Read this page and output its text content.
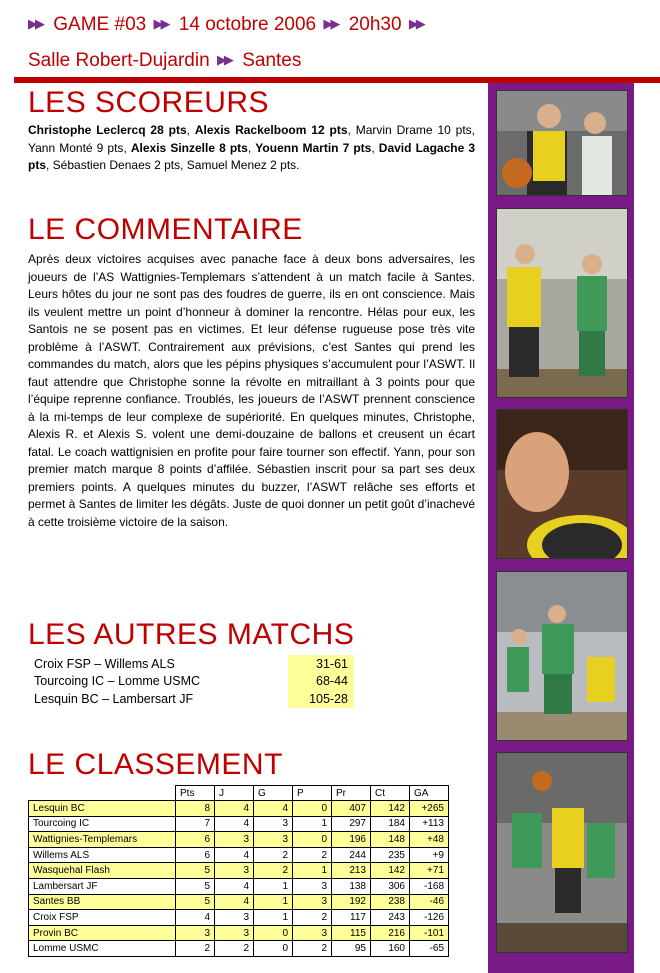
▶▶ GAME #03 ▶▶ 14 octobre 2006 ▶▶ 20h30 ▶▶
Salle Robert-Dujardin ▶▶ Santes
LES SCOREURS
Christophe Leclercq 28 pts, Alexis Rackelboom 12 pts, Marvin Drame 10 pts, Yann Monté 9 pts, Alexis Sinzelle 8 pts, Youenn Martin 7 pts, David Lagache 3 pts, Sébastien Denaes 2 pts, Samuel Menez 2 pts.
LE COMMENTAIRE
Après deux victoires acquises avec panache face à deux bons adversaires, les joueurs de l’AS Wattignies-Templemars s’attendent à un match facile à Santes. Leurs hôtes du jour ne sont pas des foudres de guerre, ils en ont conscience. Mais ils veulent mettre un point d’honneur à dominer la rencontre. Hélas pour eux, les Santois ne se posent pas en victimes. Et leur défense rugueuse pose très vite problème à l’ASWT. Contrairement aux prévisions, c’est Santes qui prend les commandes du match, alors que les pépins physiques s’accumulent pour l’ASWT. Il faut attendre que Christophe sonne la révolte en mitraillant à 3 points pour que l’équipe reprenne confiance. Troublés, les joueurs de l’ASWT prennent conscience à la mi-temps de leur complexe de supériorité. En quelques minutes, Christophe, Alexis R. et Alexis S. volent une demi-douzaine de ballons et creusent un écart fatal. Le coach wattignisien en profite pour faire tourner son effectif. Yann, pour son premier match marque 8 points d’affilée. Sébastien inscrit pour sa part ses deux premiers points. A quelques minutes du buzzer, l’ASWT relâche ses efforts et permet à Santes de limiter les dégâts. Juste de quoi donner un petit goût d’inachevé à cette troisième victoire de la saison.
LES AUTRES MATCHS
Croix FSP – Willems ALS	31-61
Tourcoing IC – Lomme USMC	68-44
Lesquin BC – Lambersart JF	105-28
LE CLASSEMENT
	Pts	J	G	P	Pr	Ct	GA
Lesquin BC	8	4	4	0	407	142	+265
Tourcoing IC	7	4	3	1	297	184	+113
Wattignies-Templemars	6	3	3	0	196	148	+48
Willems ALS	6	4	2	2	244	235	+9
Wasquehal Flash	5	3	2	1	213	142	+71
Lambersart JF	5	4	1	3	138	306	-168
Santes BB	5	4	1	3	192	238	-46
Croix FSP	4	3	1	2	117	243	-126
Provin BC	3	3	0	3	115	216	-101
Lomme USMC	2	2	0	2	95	160	-65
